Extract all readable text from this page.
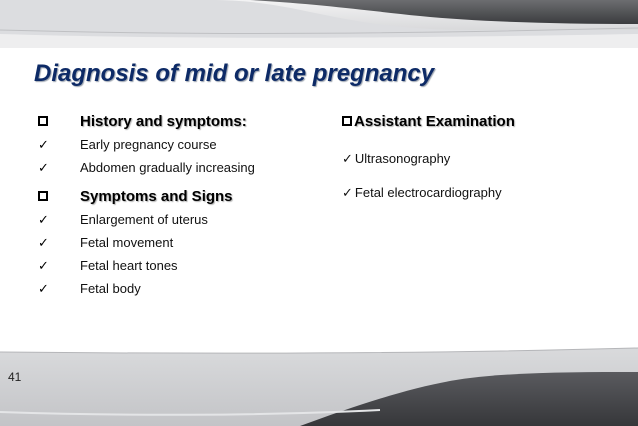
Diagnosis of mid or late pregnancy
History and symptoms:
✓ Early pregnancy course
✓ Abdomen gradually increasing
Symptoms and Signs
✓ Enlargement of uterus
✓ Fetal movement
✓ Fetal heart tones
✓ Fetal body
Assistant Examination
✓ Ultrasonography
✓ Fetal electrocardiography
41
